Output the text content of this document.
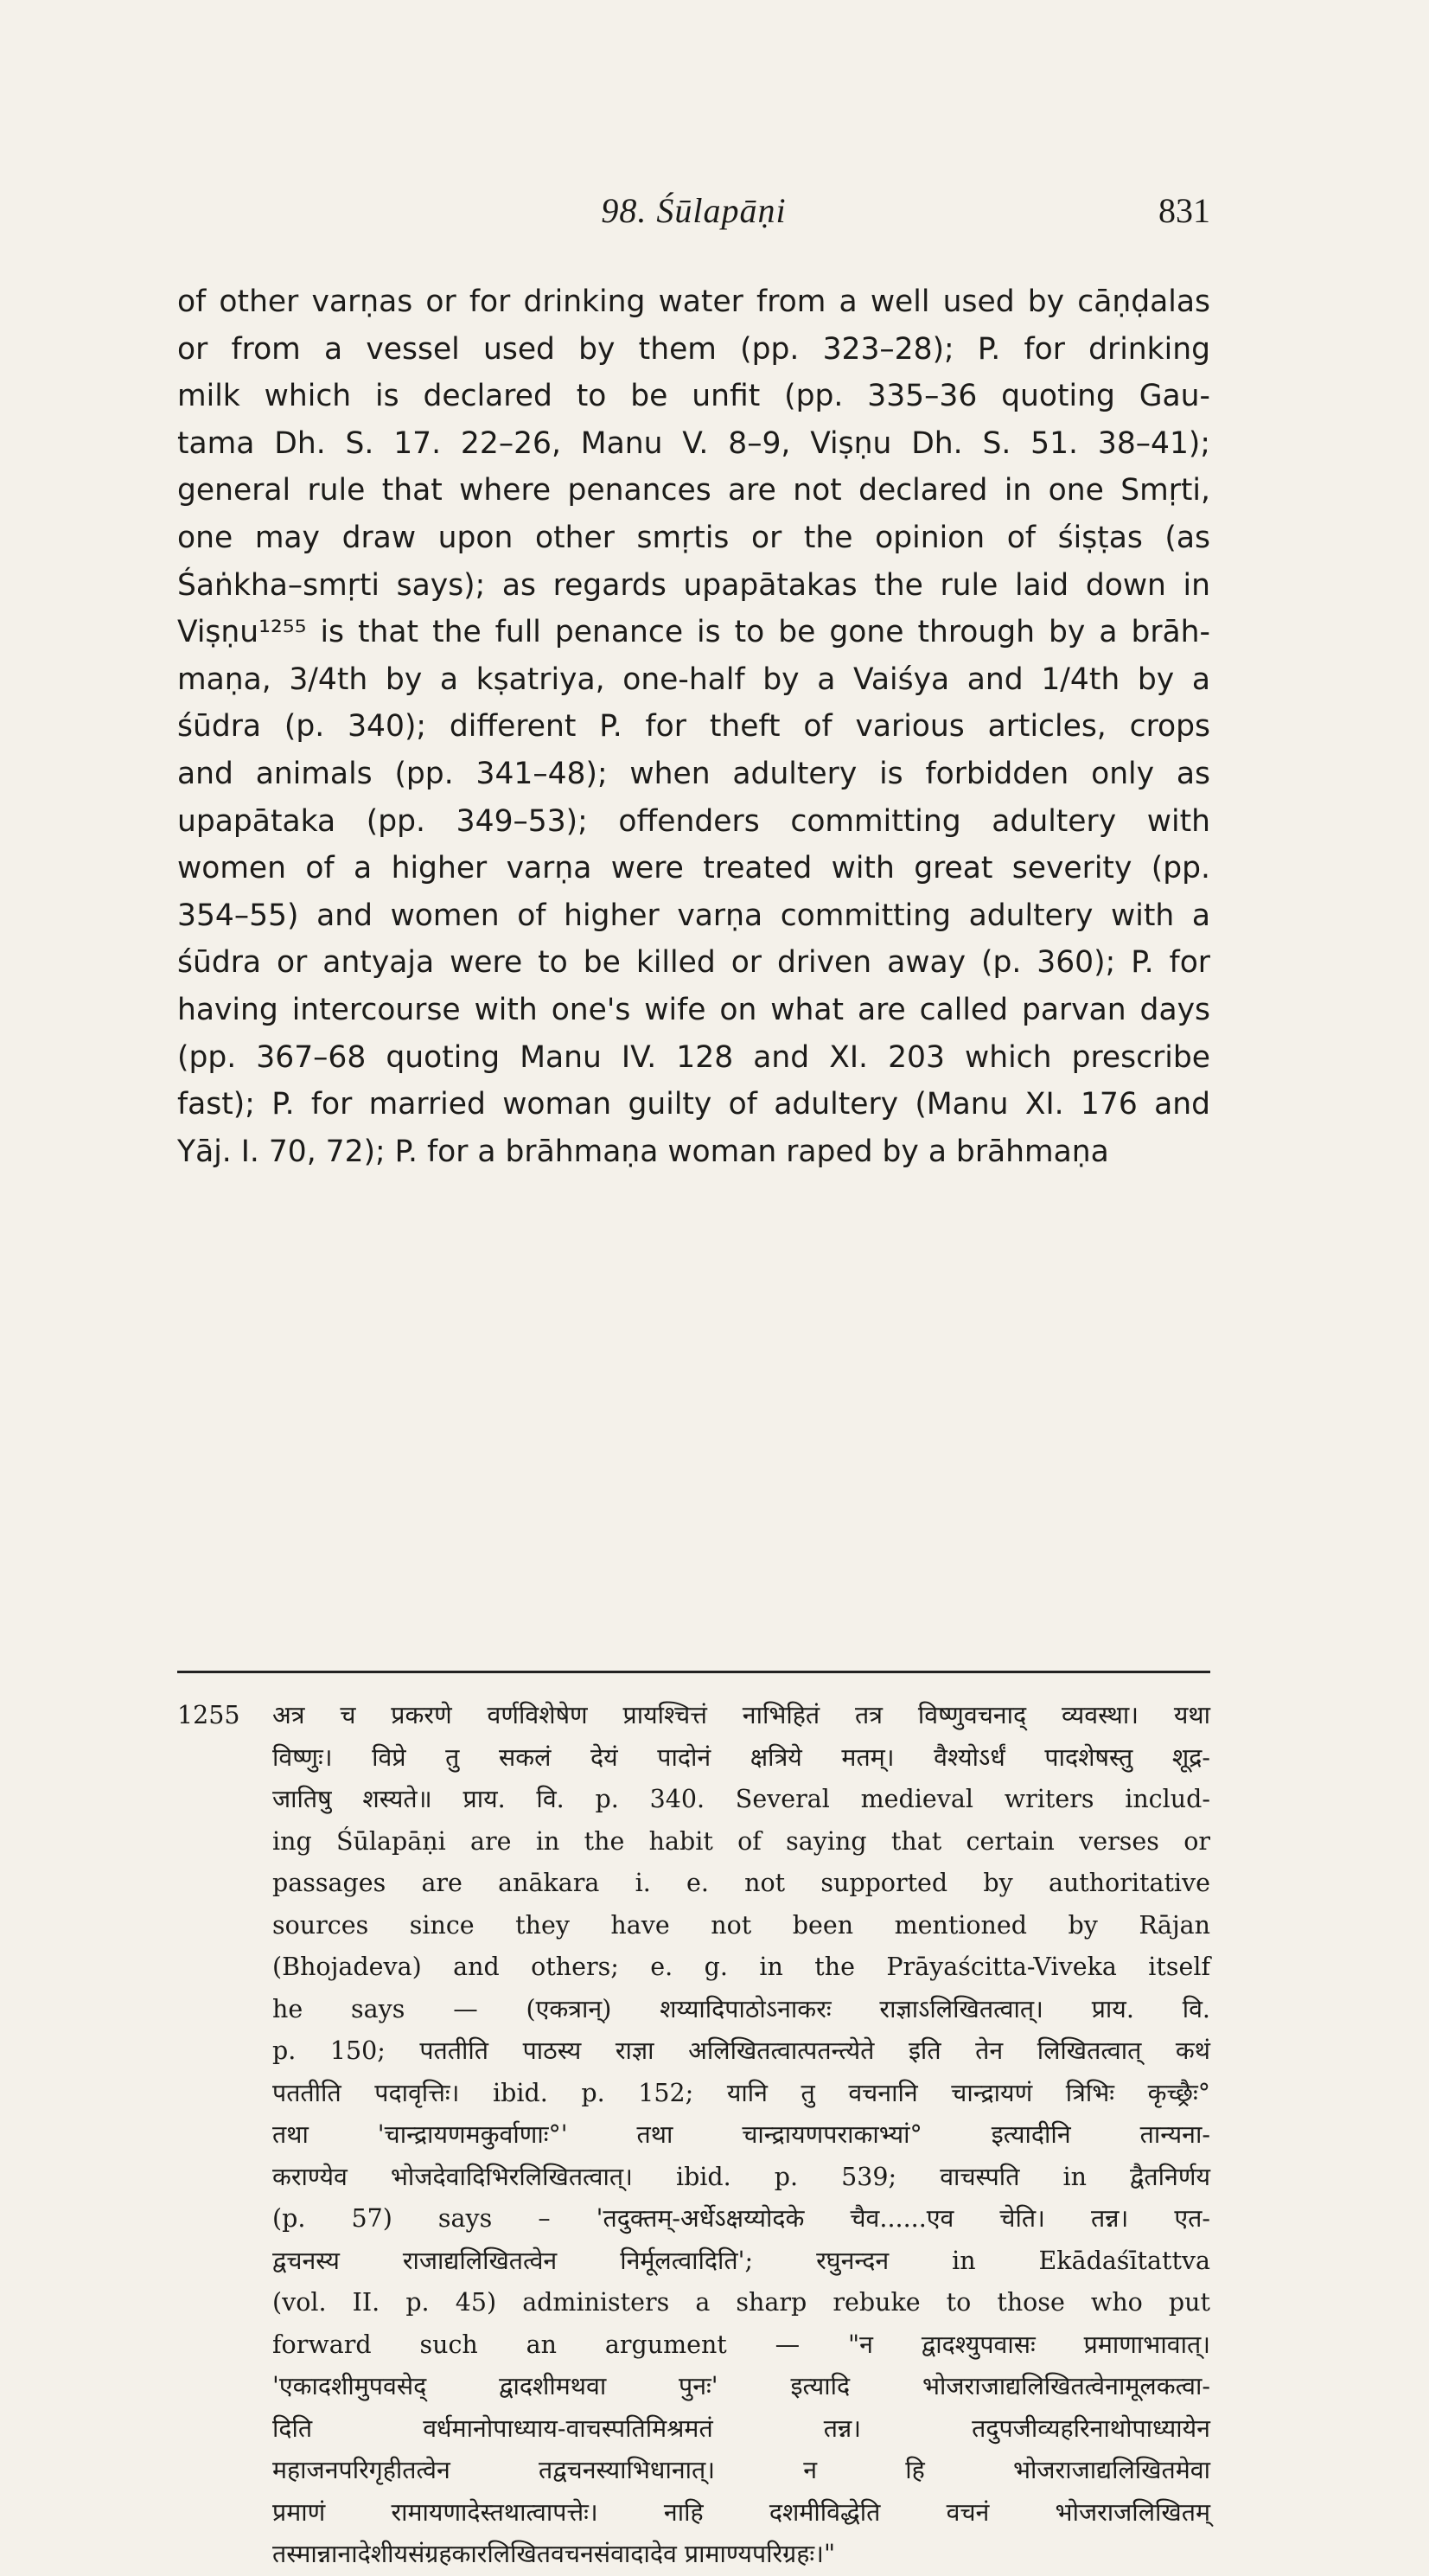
98. Śūlapāṇi	831
of other varṇas or for drinking water from a well used by cāṇḍalas
or from a vessel used by them (pp. 323–28); P. for drinking
milk which is declared to be unfit (pp. 335–36 quoting Gau-
tama Dh. S. 17. 22–26, Manu V. 8–9, Viṣṇu Dh. S. 51. 38–41);
general rule that where penances are not declared in one Smṛti,
one may draw upon other smṛtis or the opinion of śiṣṭas (as
Śaṅkha–smṛti says); as regards upapātakas the rule laid down in
Viṣṇu¹²⁵⁵ is that the full penance is to be gone through by a brāh-
maṇa, 3/4th by a kṣatriya, one-half by a Vaiśya and 1/4th by a
śūdra (p. 340); different P. for theft of various articles, crops
and animals (pp. 341–48); when adultery is forbidden only as
upapātaka (pp. 349–53); offenders committing adultery with
women of a higher varṇa were treated with great severity (pp.
354–55) and women of higher varṇa committing adultery with a
śūdra or antyaja were to be killed or driven away (p. 360); P. for
having intercourse with one's wife on what are called parvan days
(pp. 367–68 quoting Manu IV. 128 and XI. 203 which prescribe
fast); P. for married woman guilty of adultery (Manu XI. 176 and
Yāj. I. 70, 72); P. for a brāhmaṇa woman raped by a brāhmaṇa
1255	अत्र च प्रकरणे वर्णविशेषेण प्रायश्चित्तं नाभिहितं तत्र विष्णुवचनाद् व्यवस्था। यथा
विष्णुः। विप्रे तु सकलं देयं पादोनं क्षत्रिये मतम्। वैश्योऽर्धं पादशेषस्तु शूद्र-
जातिषु शस्यते॥ प्राय. वि. p. 340. Several medieval writers includ-
ing Śūlapāṇi are in the habit of saying that certain verses or
passages are anākara i. e. not supported by authoritative
sources since they have not been mentioned by Rājan
(Bhojadeva) and others; e. g. in the Prāyaścitta-Viveka itself
he says — (एकत्रान्) शय्यादिपाठोऽनाकरः राज्ञाऽलिखितत्वात्। प्राय. वि.
p. 150; पततीति पाठस्य राज्ञा अलिखितत्वात्पतन्त्येते इति तेन लिखितत्वात् कथं
पततीति पदावृत्तिः। ibid. p. 152; यानि तु वचनानि चान्द्रायणं त्रिभिः कृच्छ्रैः°
तथा 'चान्द्रायणमकुर्वाणाः°' तथा चान्द्रायणपराकाभ्यां° इत्यादीनि तान्यना-
कराण्येव भोजदेवादिभिरलिखितत्वात्। ibid. p. 539; वाचस्पति in द्वैतनिर्णय
(p. 57) says – 'तदुक्तम्-अर्धेऽक्षय्योदके चैव......एव चेति। तन्न। एत-
द्वचनस्य राजाद्यलिखितत्वेन निर्मूलत्वादिति'; रघुनन्दन in Ekādaśītattva
(vol. II. p. 45) administers a sharp rebuke to those who put
forward such an argument — "न द्वादश्युपवासः प्रमाणाभावात्।
'एकादशीमुपवसेद् द्वादशीमथवा पुनः' इत्यादि भोजराजाद्यलिखितत्वेनामूलकत्वा-
दिति वर्धमानोपाध्याय-वाचस्पतिमिश्रमतं तन्न। तदुपजीव्यहरिनाथोपाध्यायेन
महाजनपरिगृहीतत्वेन तद्वचनस्याभिधानात्। न हि भोजराजाद्यलिखितमेवा
प्रमाणं रामायणादेस्तथात्वापत्तेः। नाहि दशमीविद्धेति वचनं भोजराजलिखितम्
तस्मान्नानादेशीयसंग्रहकारलिखितवचनसंवादादेव प्रामाण्यपरिग्रहः।"
